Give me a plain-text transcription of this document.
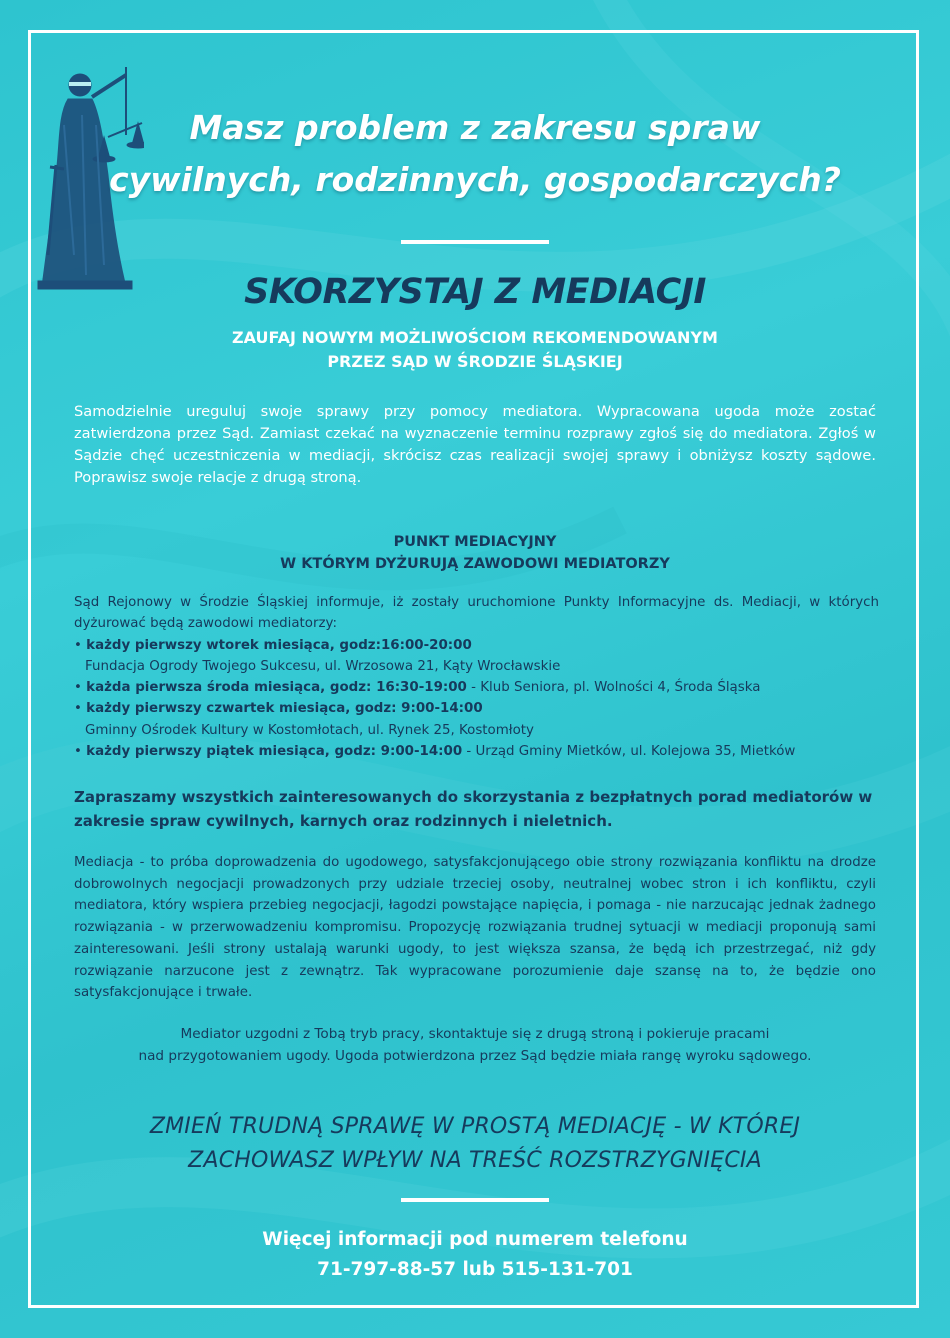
Masz problem z zakresu spraw
cywilnych, rodzinnych, gospodarczych?
SKORZYSTAJ Z MEDIACJI
ZAUFAJ NOWYM MOŻLIWOŚCIOM REKOMENDOWANYM
PRZEZ SĄD W ŚRODZIE ŚLĄSKIEJ
Samodzielnie ureguluj swoje sprawy przy pomocy mediatora. Wypracowana ugoda może zostać zatwierdzona przez Sąd. Zamiast czekać na wyznaczenie terminu rozprawy zgłoś się do mediatora. Zgłoś w Sądzie chęć uczestniczenia w mediacji, skrócisz czas realizacji swojej sprawy i obniżysz koszty sądowe. Poprawisz swoje relacje z drugą stroną.
PUNKT MEDIACYJNY
W KTÓRYM DYŻURUJĄ ZAWODOWI MEDIATORZY
Sąd Rejonowy w Środzie Śląskiej informuje, iż zostały uruchomione Punkty Informacyjne ds. Mediacji, w których dyżurować będą zawodowi mediatorzy:
• każdy pierwszy wtorek miesiąca, godz:16:00-20:00
Fundacja Ogrody Twojego Sukcesu, ul. Wrzosowa 21, Kąty Wrocławskie
• każda pierwsza środa miesiąca, godz: 16:30-19:00 - Klub Seniora, pl. Wolności 4, Środa Śląska
• każdy pierwszy czwartek miesiąca, godz: 9:00-14:00
Gminny Ośrodek Kultury w Kostomłotach, ul. Rynek 25, Kostomłoty
• każdy pierwszy piątek miesiąca, godz: 9:00-14:00 - Urząd Gminy Mietków, ul. Kolejowa 35, Mietków
Zapraszamy wszystkich zainteresowanych do skorzystania z bezpłatnych porad mediatorów w zakresie spraw cywilnych, karnych oraz rodzinnych i nieletnich.
Mediacja - to próba doprowadzenia do ugodowego, satysfakcjonującego obie strony rozwiązania konfliktu na drodze dobrowolnych negocjacji prowadzonych przy udziale trzeciej osoby, neutralnej wobec stron i ich konfliktu, czyli mediatora, który wspiera przebieg negocjacji, łagodzi powstające napięcia, i pomaga - nie narzucając jednak żadnego rozwiązania - w przerwowadzeniu kompromisu. Propozycję rozwiązania trudnej sytuacji w mediacji proponują sami zainteresowani. Jeśli strony ustalają warunki ugody, to jest większa szansa, że będą ich przestrzegać, niż gdy rozwiązanie narzucone jest z zewnątrz. Tak wypracowane porozumienie daje szansę na to, że będzie ono satysfakcjonujące i trwałe.
Mediator uzgodni z Tobą tryb pracy, skontaktuje się z drugą stroną i pokieruje pracami
nad przygotowaniem ugody. Ugoda potwierdzona przez Sąd będzie miała rangę wyroku sądowego.
ZMIEŃ TRUDNĄ SPRAWĘ W PROSTĄ MEDIACJĘ - W KTÓREJ
ZACHOWASZ WPŁYW NA TREŚĆ ROZSTRZYGNIĘCIA
Więcej informacji pod numerem telefonu
71-797-88-57 lub 515-131-701
